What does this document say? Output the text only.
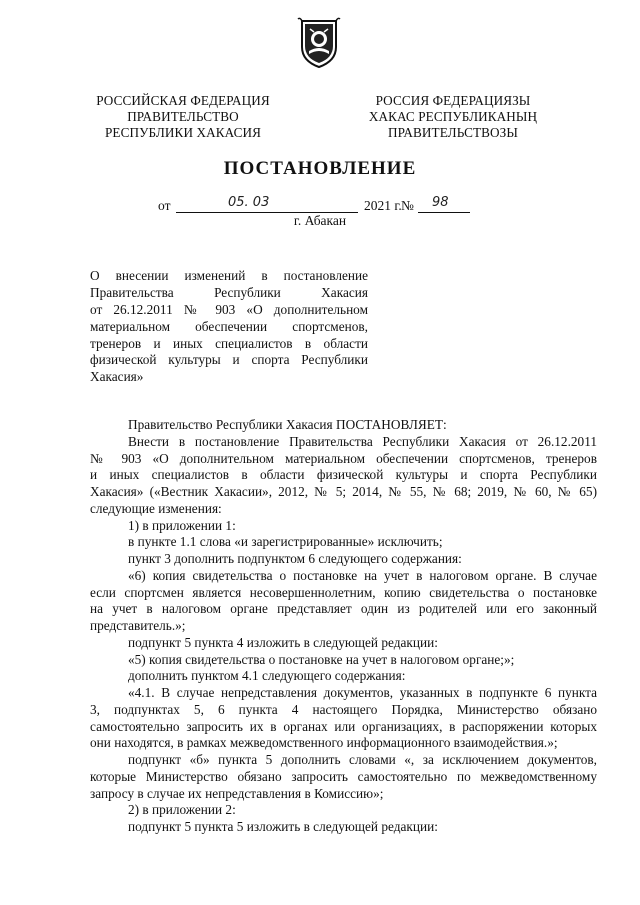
РОССИЙСКАЯ ФЕДЕРАЦИЯ
ПРАВИТЕЛЬСТВО
РЕСПУБЛИКИ ХАКАСИЯ
РОССИЯ ФЕДЕРАЦИЯЗЫ
ХАКАС РЕСПУБЛИКАНЫҢ
ПРАВИТЕЛЬСТВОЗЫ
ПОСТАНОВЛЕНИЕ
от	05. 03	2021 г. № 98
г. Абакан
О внесении изменений в постановление
Правительства Республики Хакасия
от 26.12.2011 № 903 «О дополнительном
материальном обеспечении спортсменов,
тренеров и иных специалистов в области
физической культуры и спорта Республики
Хакасия»
Правительство Республики Хакасия ПОСТАНОВЛЯЕТ:
Внести в постановление Правительства Республики Хакасия от 26.12.2011
№ 903 «О дополнительном материальном обеспечении спортсменов, тренеров
и иных специалистов в области физической культуры и спорта Республики
Хакасия» («Вестник Хакасии», 2012, № 5; 2014, № 55, № 68; 2019, № 60, № 65)
следующие изменения:
1) в приложении 1:
в пункте 1.1 слова «и зарегистрированные» исключить;
пункт 3 дополнить подпунктом 6 следующего содержания:
«6) копия свидетельства о постановке на учет в налоговом органе. В случае
если спортсмен является несовершеннолетним, копию свидетельства о постановке
на учет в налоговом органе представляет один из родителей или его законный
представитель.»;
подпункт 5 пункта 4 изложить в следующей редакции:
«5) копия свидетельства о постановке на учет в налоговом органе;»;
дополнить пунктом 4.1 следующего содержания:
«4.1. В случае непредставления документов, указанных в подпункте 6 пункта
3, подпунктах 5, 6 пункта 4 настоящего Порядка, Министерство обязано
самостоятельно запросить их в органах или организациях, в распоряжении которых
они находятся, в рамках межведомственного информационного взаимодействия.»;
подпункт «б» пункта 5 дополнить словами «, за исключением документов,
которые Министерство обязано запросить самостоятельно по межведомственному
запросу в случае их непредставления в Комиссию»;
2) в приложении 2:
подпункт 5 пункта 5 изложить в следующей редакции:
